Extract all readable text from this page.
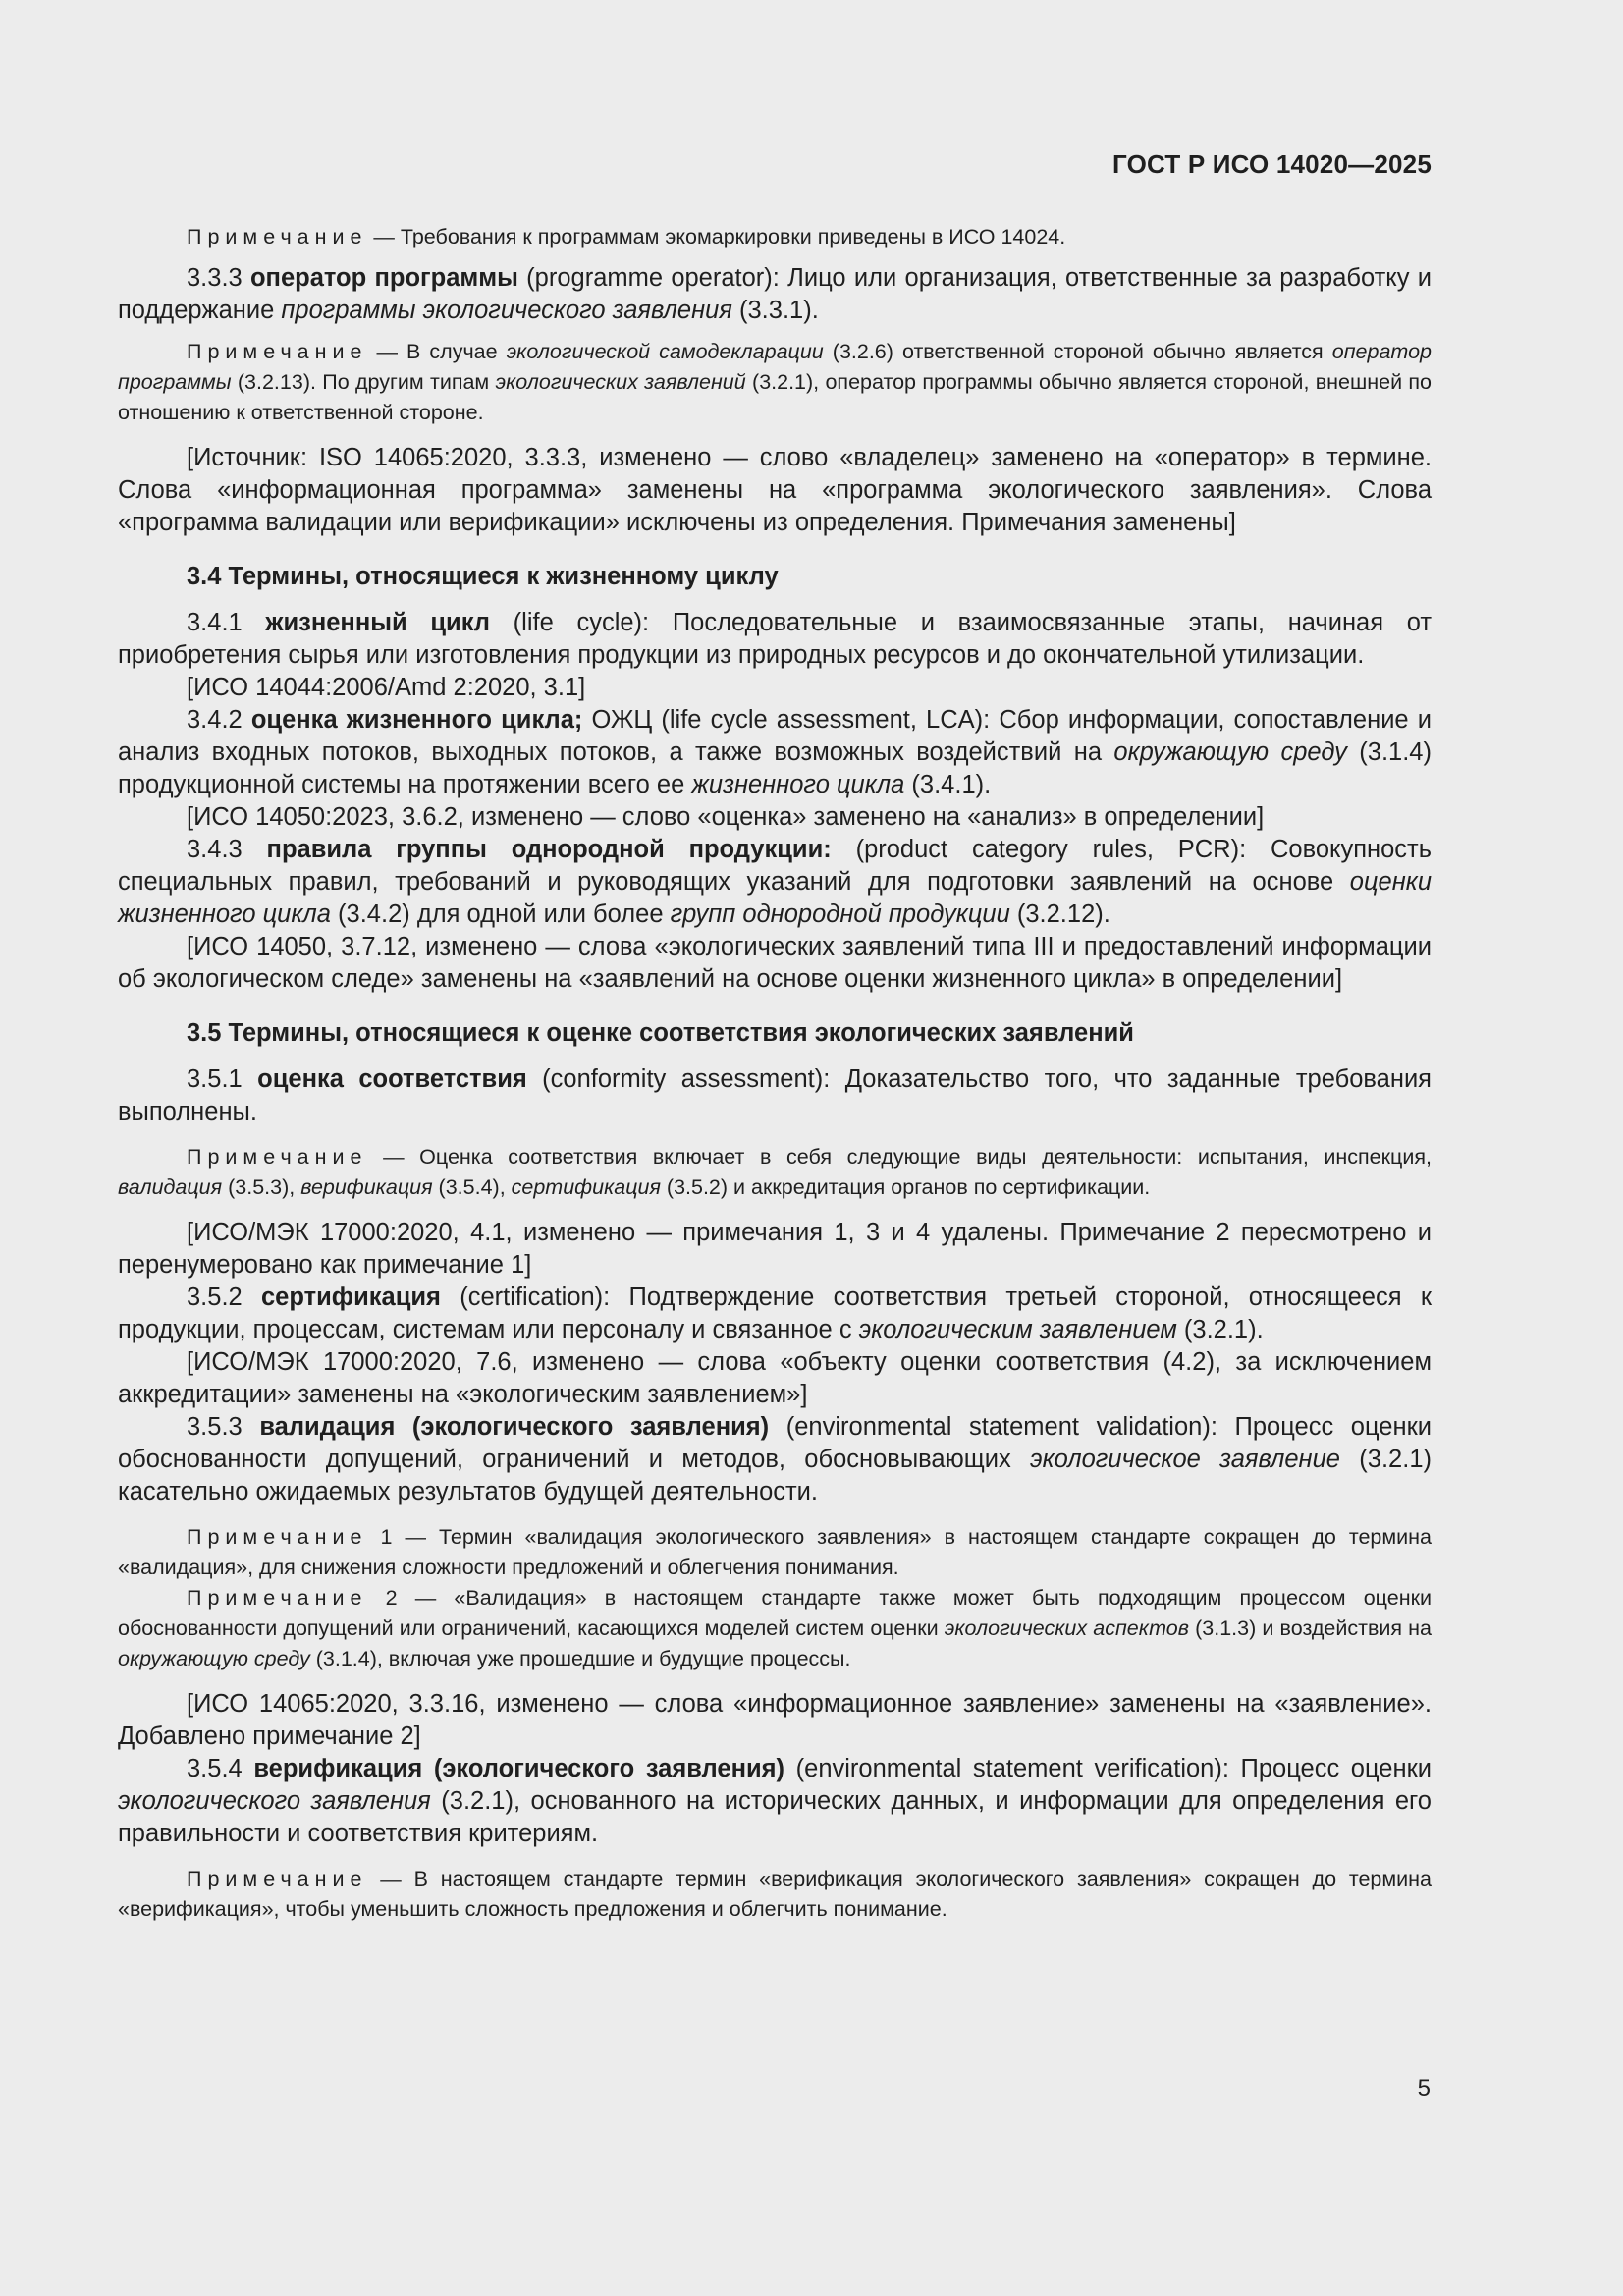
ГОСТ Р ИСО 14020—2025

Примечание — Требования к программам экомаркировки приведены в ИСО 14024.

3.3.3 оператор программы (programme operator): Лицо или организация, ответственные за разработку и поддержание программы экологического заявления (3.3.1).

Примечание — В случае экологической самодекларации (3.2.6) ответственной стороной обычно является оператор программы (3.2.13). По другим типам экологических заявлений (3.2.1), оператор программы обычно является стороной, внешней по отношению к ответственной стороне.

[Источник: ISO 14065:2020, 3.3.3, изменено — слово «владелец» заменено на «оператор» в термине. Слова «информационная программа» заменены на «программа экологического заявления». Слова «программа валидации или верификации» исключены из определения. Примечания заменены]

3.4 Термины, относящиеся к жизненному циклу

3.4.1 жизненный цикл (life cycle): Последовательные и взаимосвязанные этапы, начиная от приобретения сырья или изготовления продукции из природных ресурсов и до окончательной утилизации.

[ИСО 14044:2006/Amd 2:2020, 3.1]

3.4.2 оценка жизненного цикла; ОЖЦ (life cycle assessment, LCA): Сбор информации, сопоставление и анализ входных потоков, выходных потоков, а также возможных воздействий на окружающую среду (3.1.4) продукционной системы на протяжении всего ее жизненного цикла (3.4.1).

[ИСО 14050:2023, 3.6.2, изменено — слово «оценка» заменено на «анализ» в определении]

3.4.3 правила группы однородной продукции: (product category rules, PCR): Совокупность специальных правил, требований и руководящих указаний для подготовки заявлений на основе оценки жизненного цикла (3.4.2) для одной или более групп однородной продукции (3.2.12).

[ИСО 14050, 3.7.12, изменено — слова «экологических заявлений типа III и предоставлений информации об экологическом следе» заменены на «заявлений на основе оценки жизненного цикла» в определении]

3.5 Термины, относящиеся к оценке соответствия экологических заявлений

3.5.1 оценка соответствия (conformity assessment): Доказательство того, что заданные требования выполнены.

Примечание — Оценка соответствия включает в себя следующие виды деятельности: испытания, инспекция, валидация (3.5.3), верификация (3.5.4), сертификация (3.5.2) и аккредитация органов по сертификации.

[ИСО/МЭК 17000:2020, 4.1, изменено — примечания 1, 3 и 4 удалены. Примечание 2 пересмотрено и перенумеровано как примечание 1]

3.5.2 сертификация (certification): Подтверждение соответствия третьей стороной, относящееся к продукции, процессам, системам или персоналу и связанное с экологическим заявлением (3.2.1).

[ИСО/МЭК 17000:2020, 7.6, изменено — слова «объекту оценки соответствия (4.2), за исключением аккредитации» заменены на «экологическим заявлением»]

3.5.3 валидация (экологического заявления) (environmental statement validation): Процесс оценки обоснованности допущений, ограничений и методов, обосновывающих экологическое заявление (3.2.1) касательно ожидаемых результатов будущей деятельности.

Примечание 1 — Термин «валидация экологического заявления» в настоящем стандарте сокращен до термина «валидация», для снижения сложности предложений и облегчения понимания.

Примечание 2 — «Валидация» в настоящем стандарте также может быть подходящим процессом оценки обоснованности допущений или ограничений, касающихся моделей систем оценки экологических аспектов (3.1.3) и воздействия на окружающую среду (3.1.4), включая уже прошедшие и будущие процессы.

[ИСО 14065:2020, 3.3.16, изменено — слова «информационное заявление» заменены на «заявление». Добавлено примечание 2]

3.5.4 верификация (экологического заявления) (environmental statement verification): Процесс оценки экологического заявления (3.2.1), основанного на исторических данных, и информации для определения его правильности и соответствия критериям.

Примечание — В настоящем стандарте термин «верификация экологического заявления» сокращен до термина «верификация», чтобы уменьшить сложность предложения и облегчить понимание.

5
